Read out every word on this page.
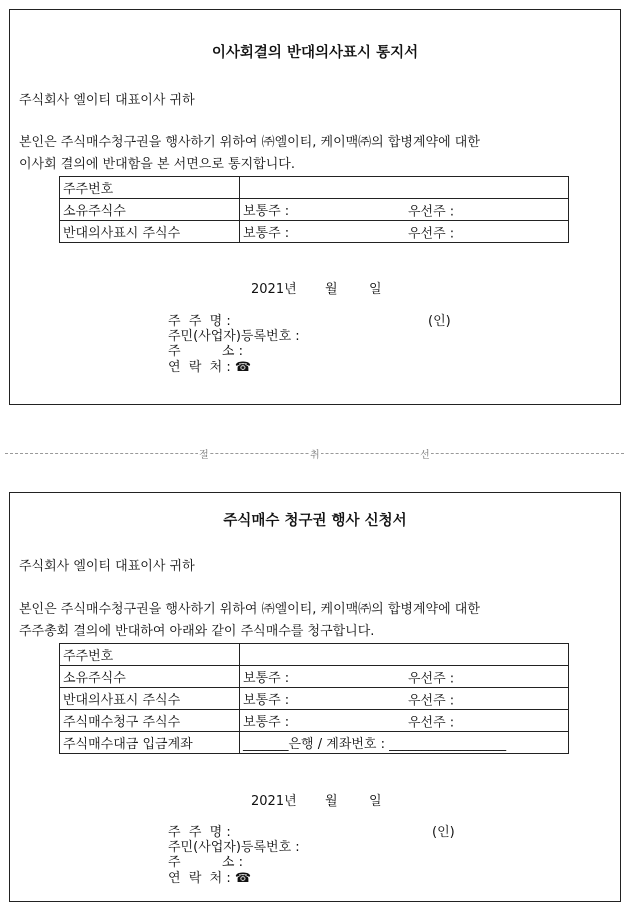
이사회결의 반대의사표시 통지서
주식회사 엘이티 대표이사 귀하
본인은 주식매수청구권을 행사하기 위하여 ㈜엘이티, 케이맥㈜의 합병계약에 대한
이사회 결의에 반대함을 본 서면으로 통지합니다.
주주번호	
소유주식수	보통주 : 우선주 :

반대의사표시 주식수	보통주 : 우선주 :
2021년 월 일
주  주  명 :	(인)
주민(사업자)등록번호 :
주          소 :
연  락  처 : ☎
절	취	선
주식매수 청구권 행사 신청서
주식회사 엘이티 대표이사 귀하
본인은 주식매수청구권을 행사하기 위하여 ㈜엘이티, 케이맥㈜의 합병계약에 대한
주주총회 결의에 반대하여 아래와 같이 주식매수를 청구합니다.
주주번호	
소유주식수	보통주 : 우선주 :

반대의사표시 주식수	보통주 : 우선주 :

주식매수청구 주식수	보통주 : 우선주 :

주식매수대금 입금계좌	_______은행 / 계좌번호 : __________________
2021년 월 일
주  주  명 :	(인)
주민(사업자)등록번호 :
주          소 :
연  락  처 : ☎
